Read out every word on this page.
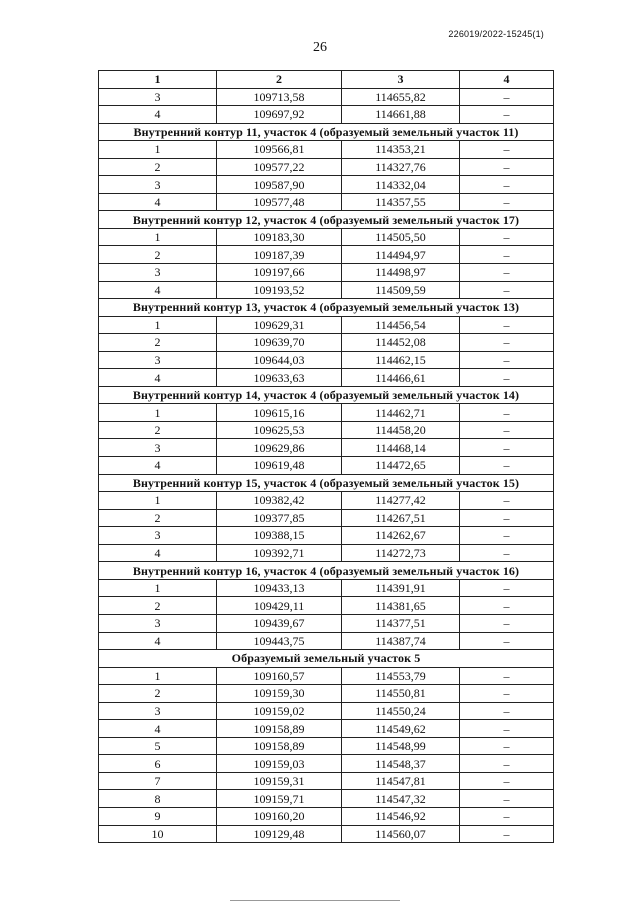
226019/2022-15245(1)
26
1	2	3	4
3	109713,58	114655,82	–
4	109697,92	114661,88	–
Внутренний контур 11, участок 4 (образуемый земельный участок 11)			
1	109566,81	114353,21	–
2	109577,22	114327,76	–
3	109587,90	114332,04	–
4	109577,48	114357,55	–
Внутренний контур 12, участок 4 (образуемый земельный участок 17)			
1	109183,30	114505,50	–
2	109187,39	114494,97	–
3	109197,66	114498,97	–
4	109193,52	114509,59	–
Внутренний контур 13, участок 4 (образуемый земельный участок 13)			
1	109629,31	114456,54	–
2	109639,70	114452,08	–
3	109644,03	114462,15	–
4	109633,63	114466,61	–
Внутренний контур 14, участок 4 (образуемый земельный участок 14)			
1	109615,16	114462,71	–
2	109625,53	114458,20	–
3	109629,86	114468,14	–
4	109619,48	114472,65	–
Внутренний контур 15, участок 4 (образуемый земельный участок 15)			
1	109382,42	114277,42	–
2	109377,85	114267,51	–
3	109388,15	114262,67	–
4	109392,71	114272,73	–
Внутренний контур 16, участок 4 (образуемый земельный участок 16)			
1	109433,13	114391,91	–
2	109429,11	114381,65	–
3	109439,67	114377,51	–
4	109443,75	114387,74	–
Образуемый земельный участок 5			
1	109160,57	114553,79	–
2	109159,30	114550,81	–
3	109159,02	114550,24	–
4	109158,89	114549,62	–
5	109158,89	114548,99	–
6	109159,03	114548,37	–
7	109159,31	114547,81	–
8	109159,71	114547,32	–
9	109160,20	114546,92	–
10	109129,48	114560,07	–
